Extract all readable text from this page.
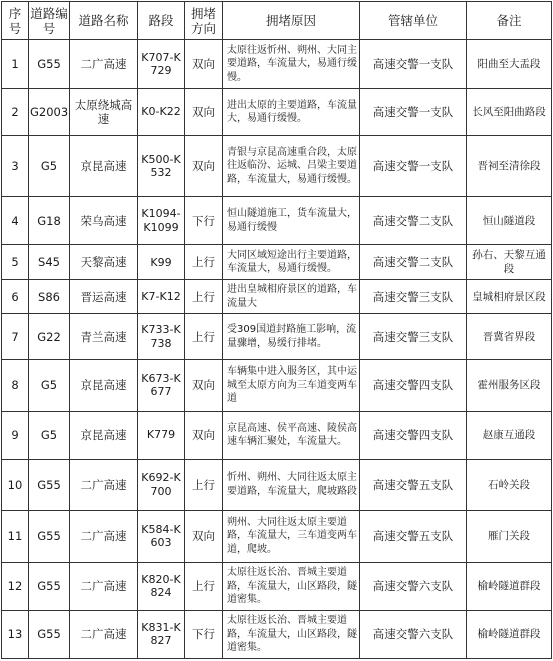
序号	道路编号	道路名称	路段	拥堵方向	拥堵原因	管辖单位	备注
1	G55	二广高速	K707-K729	双向	太原往返忻州、朔州、大同主要道路，车流量大，易通行缓慢。	高速交警一支队	阳曲至大盂段
2	G2003	太原绕城高速	K0-K22	双向	进出太原的主要道路，车流量大，易通行缓慢。	高速交警一支队	长风至阳曲路段
3	G5	京昆高速	K500-K532	双向	青银与京昆高速重合段，太原往返临汾、运城、吕梁主要道路，车流量大，易通行缓慢。	高速交警一支队	晋祠至清徐段
4	G18	荣乌高速	K1094-K1099	下行	恒山隧道施工，货车流量大，易通行缓慢	高速交警二支队	恒山隧道段
5	S45	天黎高速	K99	上行	大同区域短途出行主要道路，车流量大，易通行缓慢。	高速交警二支队	孙右、天黎互通段
6	S86	晋运高速	K7-K12	上行	进出皇城相府景区的道路，车流量大	高速交警三支队	皇城相府景区段
7	G22	青兰高速	K733-K738	上行	受309国道封路施工影响，流量骤增，易缓行排堵。	高速交警三支队	晋冀省界段
8	G5	京昆高速	K673-K677	双向	车辆集中进入服务区，其中运城至太原方向为三车道变两车道	高速交警四支队	霍州服务区段
9	G5	京昆高速	K779	双向	京昆高速、侯平高速、陵侯高速车辆汇聚处，车流量大。	高速交警四支队	赵康互通段
10	G55	二广高速	K692-K700	上行	忻州、朔州、大同往返太原主要道路，车流量大，爬坡路段	高速交警五支队	石岭关段
11	G55	二广高速	K584-K603	双向	朔州、大同往返太原主要道路，车流量大，三车道变两车道，爬坡。	高速交警五支队	雁门关段
12	G55	二广高速	K820-K824	上行	太原往返长治、晋城主要道路，车流量大，山区路段，隧道密集。	高速交警六支队	榆岭隧道群段
13	G55	二广高速	K831-K827	下行	太原往返长治、晋城主要道路，车流量大，山区路段，隧道密集。	高速交警六支队	榆岭隧道群段
